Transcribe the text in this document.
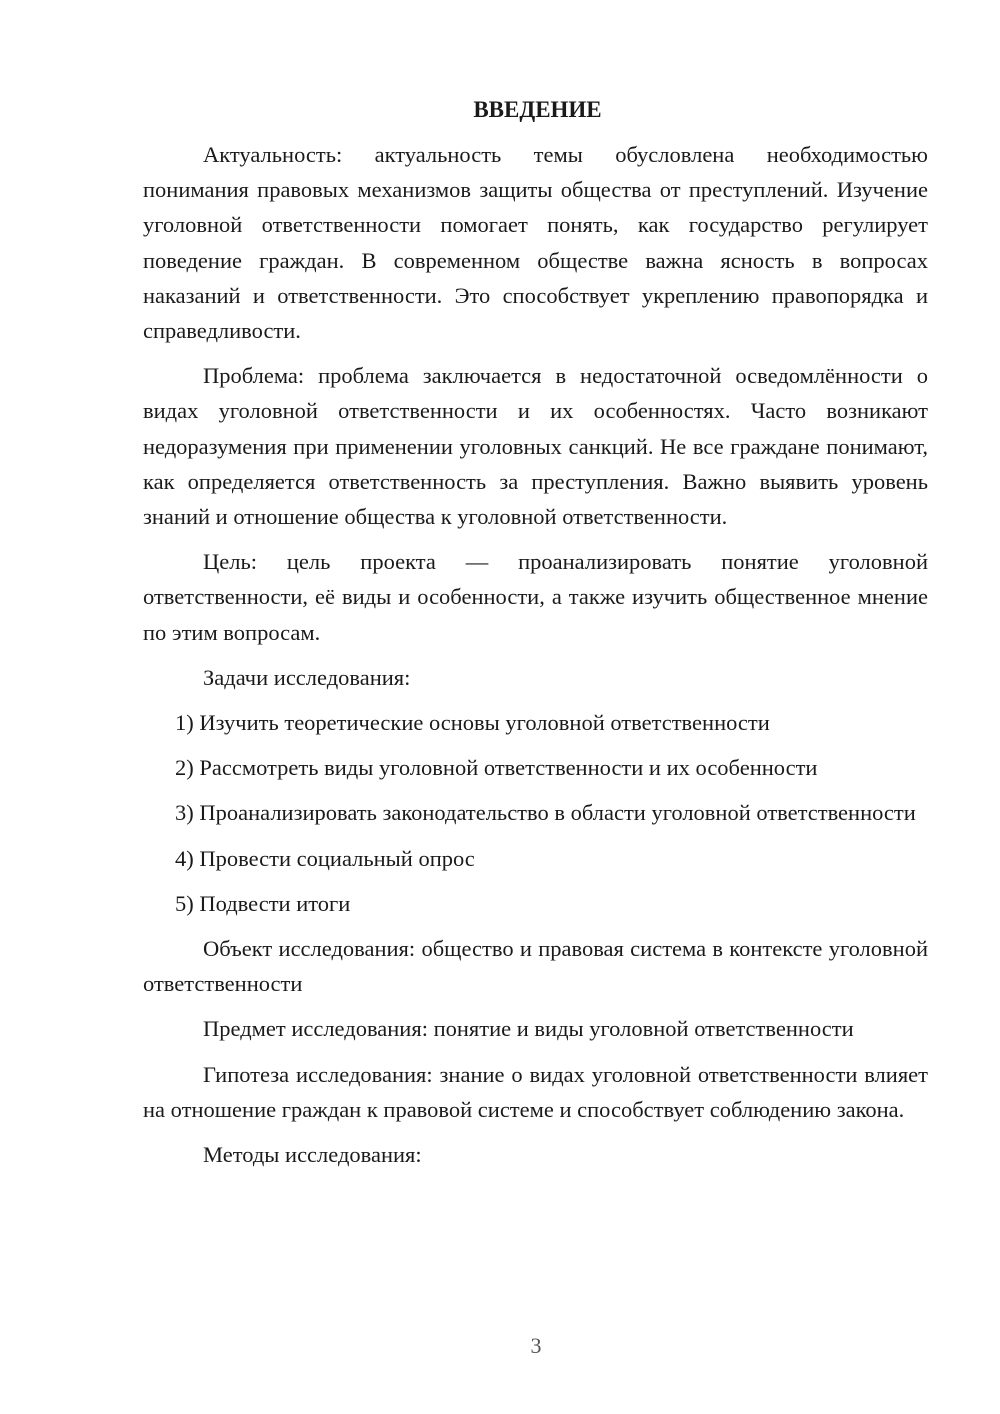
ВВЕДЕНИЕ

Актуальность: актуальность темы обусловлена необходимостью понимания правовых механизмов защиты общества от преступлений. Изучение уголовной ответственности помогает понять, как государство регулирует поведение граждан. В современном обществе важна ясность в вопросах наказаний и ответственности. Это способствует укреплению правопорядка и справедливости.

Проблема: проблема заключается в недостаточной осведомлённости о видах уголовной ответственности и их особенностях. Часто возникают недоразумения при применении уголовных санкций. Не все граждане понимают, как определяется ответственность за преступления. Важно выявить уровень знаний и отношение общества к уголовной ответственности.

Цель: цель проекта — проанализировать понятие уголовной ответственности, её виды и особенности, а также изучить общественное мнение по этим вопросам.

Задачи исследования:

1) Изучить теоретические основы уголовной ответственности

2) Рассмотреть виды уголовной ответственности и их особенности

3) Проанализировать законодательство в области уголовной ответственности

4) Провести социальный опрос

5) Подвести итоги

Объект исследования: общество и правовая система в контексте уголовной ответственности

Предмет исследования: понятие и виды уголовной ответственности

Гипотеза исследования: знание о видах уголовной ответственности влияет на отношение граждан к правовой системе и способствует соблюдению закона.

Методы исследования:

3
